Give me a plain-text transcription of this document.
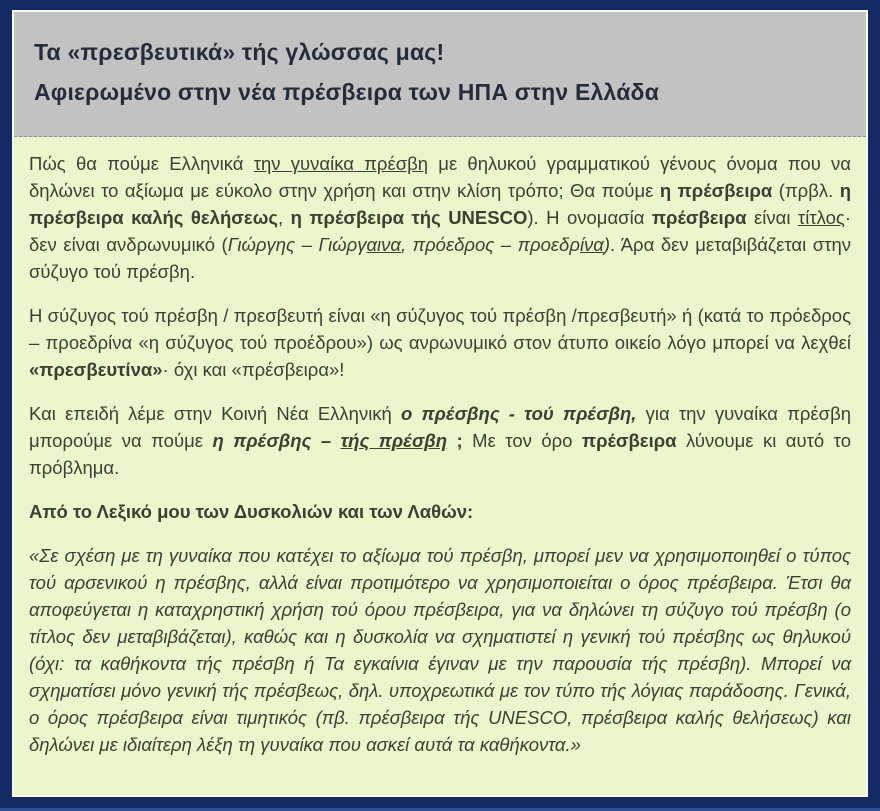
Τα «πρεσβευτικά» τής γλώσσας μας!
Αφιερωμένο στην νέα πρέσβειρα των ΗΠΑ στην Ελλάδα

Πώς θα πούμε Ελληνικά την γυναίκα πρέσβη με θηλυκού γραμματικού γένους όνομα που να δηλώνει το αξίωμα με εύκολο στην χρήση και στην κλίση τρόπο; Θα πούμε η πρέσβειρα (πρβλ. η πρέσβειρα καλής θελήσεως, η πρέσβειρα τής UNESCO). Η ονομασία πρέσβειρα είναι τίτλος· δεν είναι ανδρωνυμικό (Γιώργης – Γιώργαινα, πρόεδρος – προεδρίνα). Άρα δεν μεταβιβάζεται στην σύζυγο τού πρέσβη.

Η σύζυγος τού πρέσβη / πρεσβευτή είναι «η σύζυγος τού πρέσβη /πρεσβευτή» ή (κατά το πρόεδρος – προεδρίνα «η σύζυγος τού προέδρου») ως ανρωνυμικό στον άτυπο οικείο λόγο μπορεί να λεχθεί «πρεσβευτίνα»· όχι και «πρέσβειρα»!

Και επειδή λέμε στην Κοινή Νέα Ελληνική ο πρέσβης - τού πρέσβη, για την γυναίκα πρέσβη μπορούμε να πούμε η πρέσβης – τής πρέσβη ; Με τον όρο πρέσβειρα λύνουμε κι αυτό το πρόβλημα.

Από το Λεξικό μου των Δυσκολιών και των Λαθών:

«Σε σχέση με τη γυναίκα που κατέχει το αξίωμα τού πρέσβη, μπορεί μεν να χρησιμοποιηθεί ο τύπος τού αρσενικού η πρέσβης, αλλά είναι προτιμότερο να χρησιμοποιείται ο όρος πρέσβειρα. Έτσι θα αποφεύγεται η καταχρηστική χρήση τού όρου πρέσβειρα, για να δηλώνει τη σύζυγο τού πρέσβη (ο τίτλος δεν μεταβιβάζεται), καθώς και η δυσκολία να σχηματιστεί η γενική τού πρέσβης ως θηλυκού (όχι: τα καθήκοντα τής πρέσβη ή Τα εγκαίνια έγιναν με την παρουσία τής πρέσβη). Μπορεί να σχηματίσει μόνο γενική τής πρέσβεως, δηλ. υποχρεωτικά με τον τύπο τής λόγιας παράδοσης. Γενικά, ο όρος πρέσβειρα είναι τιμητικός (πβ. πρέσβειρα τής UNESCO, πρέσβειρα καλής θελήσεως) και δηλώνει με ιδιαίτερη λέξη τη γυναίκα που ασκεί αυτά τα καθήκοντα.»
